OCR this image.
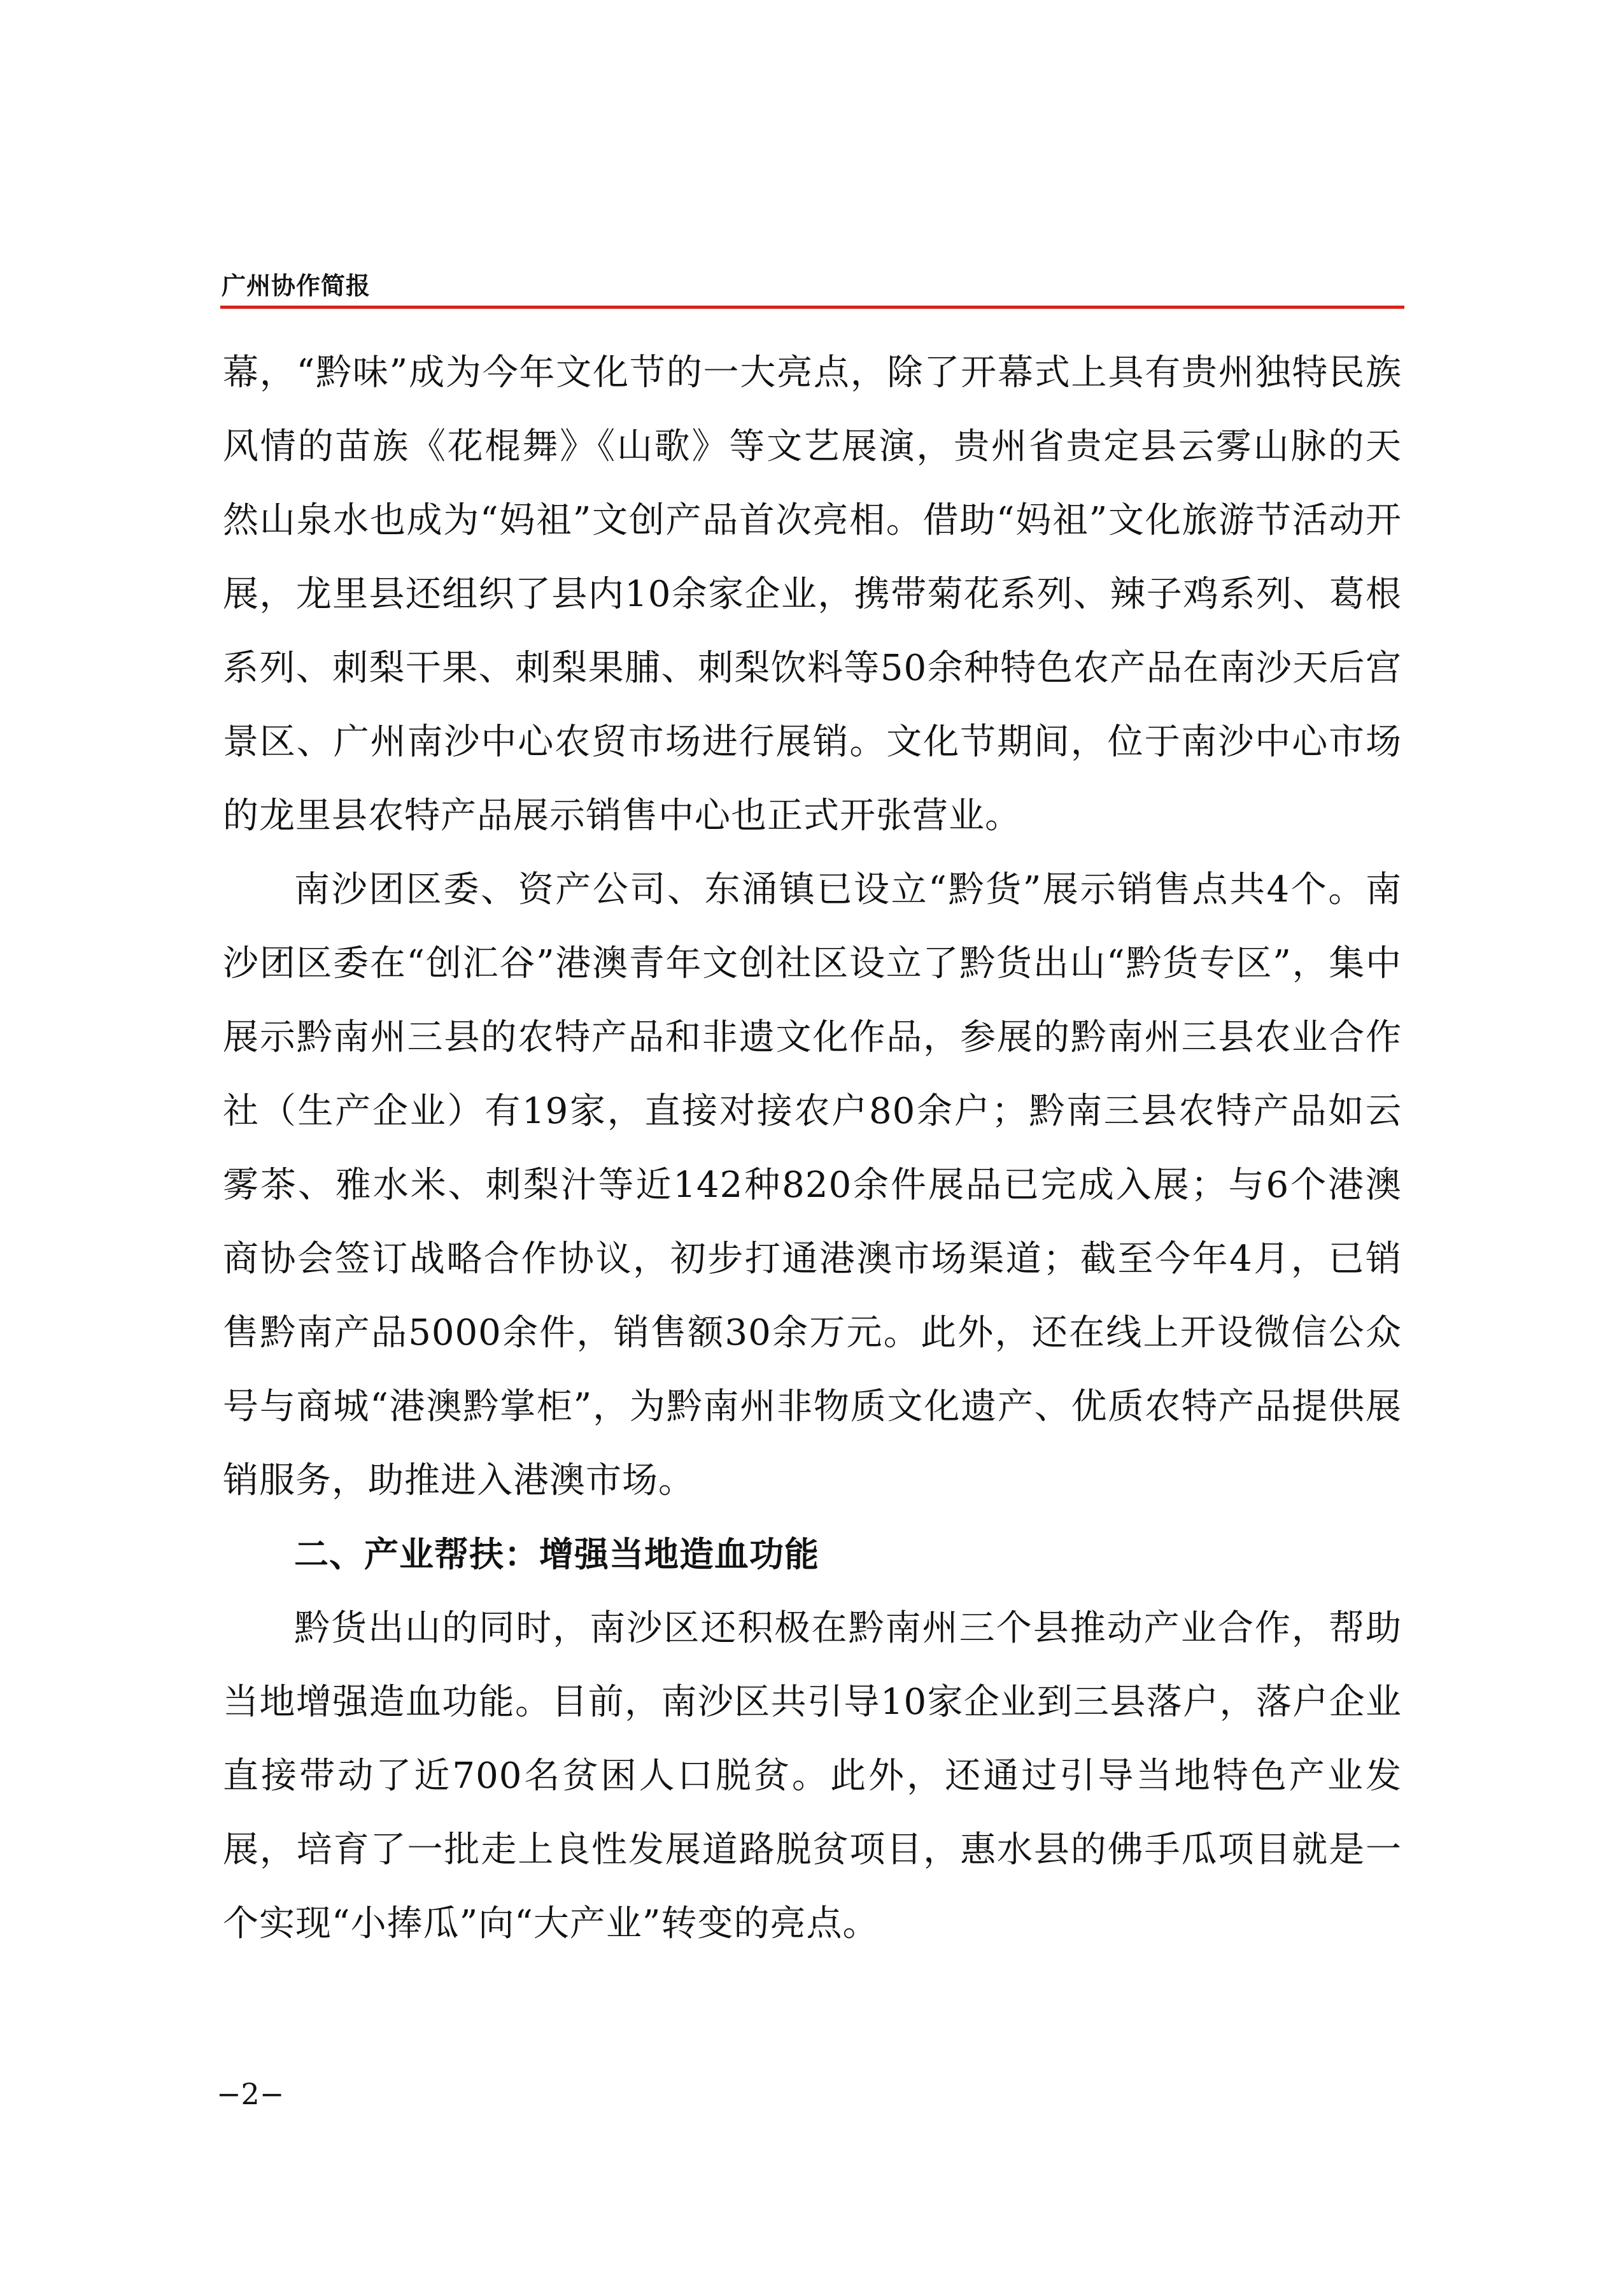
广州协作简报

幕，“黔味”成为今年文化节的一大亮点，除了开幕式上具有贵州独特民族风情的苗族《花棍舞》《山歌》等文艺展演，贵州省贵定县云雾山脉的天然山泉水也成为“妈祖”文创产品首次亮相。借助“妈祖”文化旅游节活动开展，龙里县还组织了县内10余家企业，携带菊花系列、辣子鸡系列、葛根系列、刺梨干果、刺梨果脯、刺梨饮料等50余种特色农产品在南沙天后宫景区、广州南沙中心农贸市场进行展销。文化节期间，位于南沙中心市场的龙里县农特产品展示销售中心也正式开张营业。

南沙团区委、资产公司、东涌镇已设立“黔货”展示销售点共4个。南沙团区委在“创汇谷”港澳青年文创社区设立了黔货出山“黔货专区”，集中展示黔南州三县的农特产品和非遗文化作品，参展的黔南州三县农业合作社（生产企业）有19家，直接对接农户80余户；黔南三县农特产品如云雾茶、雅水米、刺梨汁等近142种820余件展品已完成入展；与6个港澳商协会签订战略合作协议，初步打通港澳市场渠道；截至今年4月，已销售黔南产品5000余件，销售额30余万元。此外，还在线上开设微信公众号与商城“港澳黔掌柜”，为黔南州非物质文化遗产、优质农特产品提供展销服务，助推进入港澳市场。

二、产业帮扶：增强当地造血功能

黔货出山的同时，南沙区还积极在黔南州三个县推动产业合作，帮助当地增强造血功能。目前，南沙区共引导10家企业到三县落户，落户企业直接带动了近700名贫困人口脱贫。此外，还通过引导当地特色产业发展，培育了一批走上良性发展道路脱贫项目，惠水县的佛手瓜项目就是一个实现“小捧瓜”向“大产业”转变的亮点。

−2−
